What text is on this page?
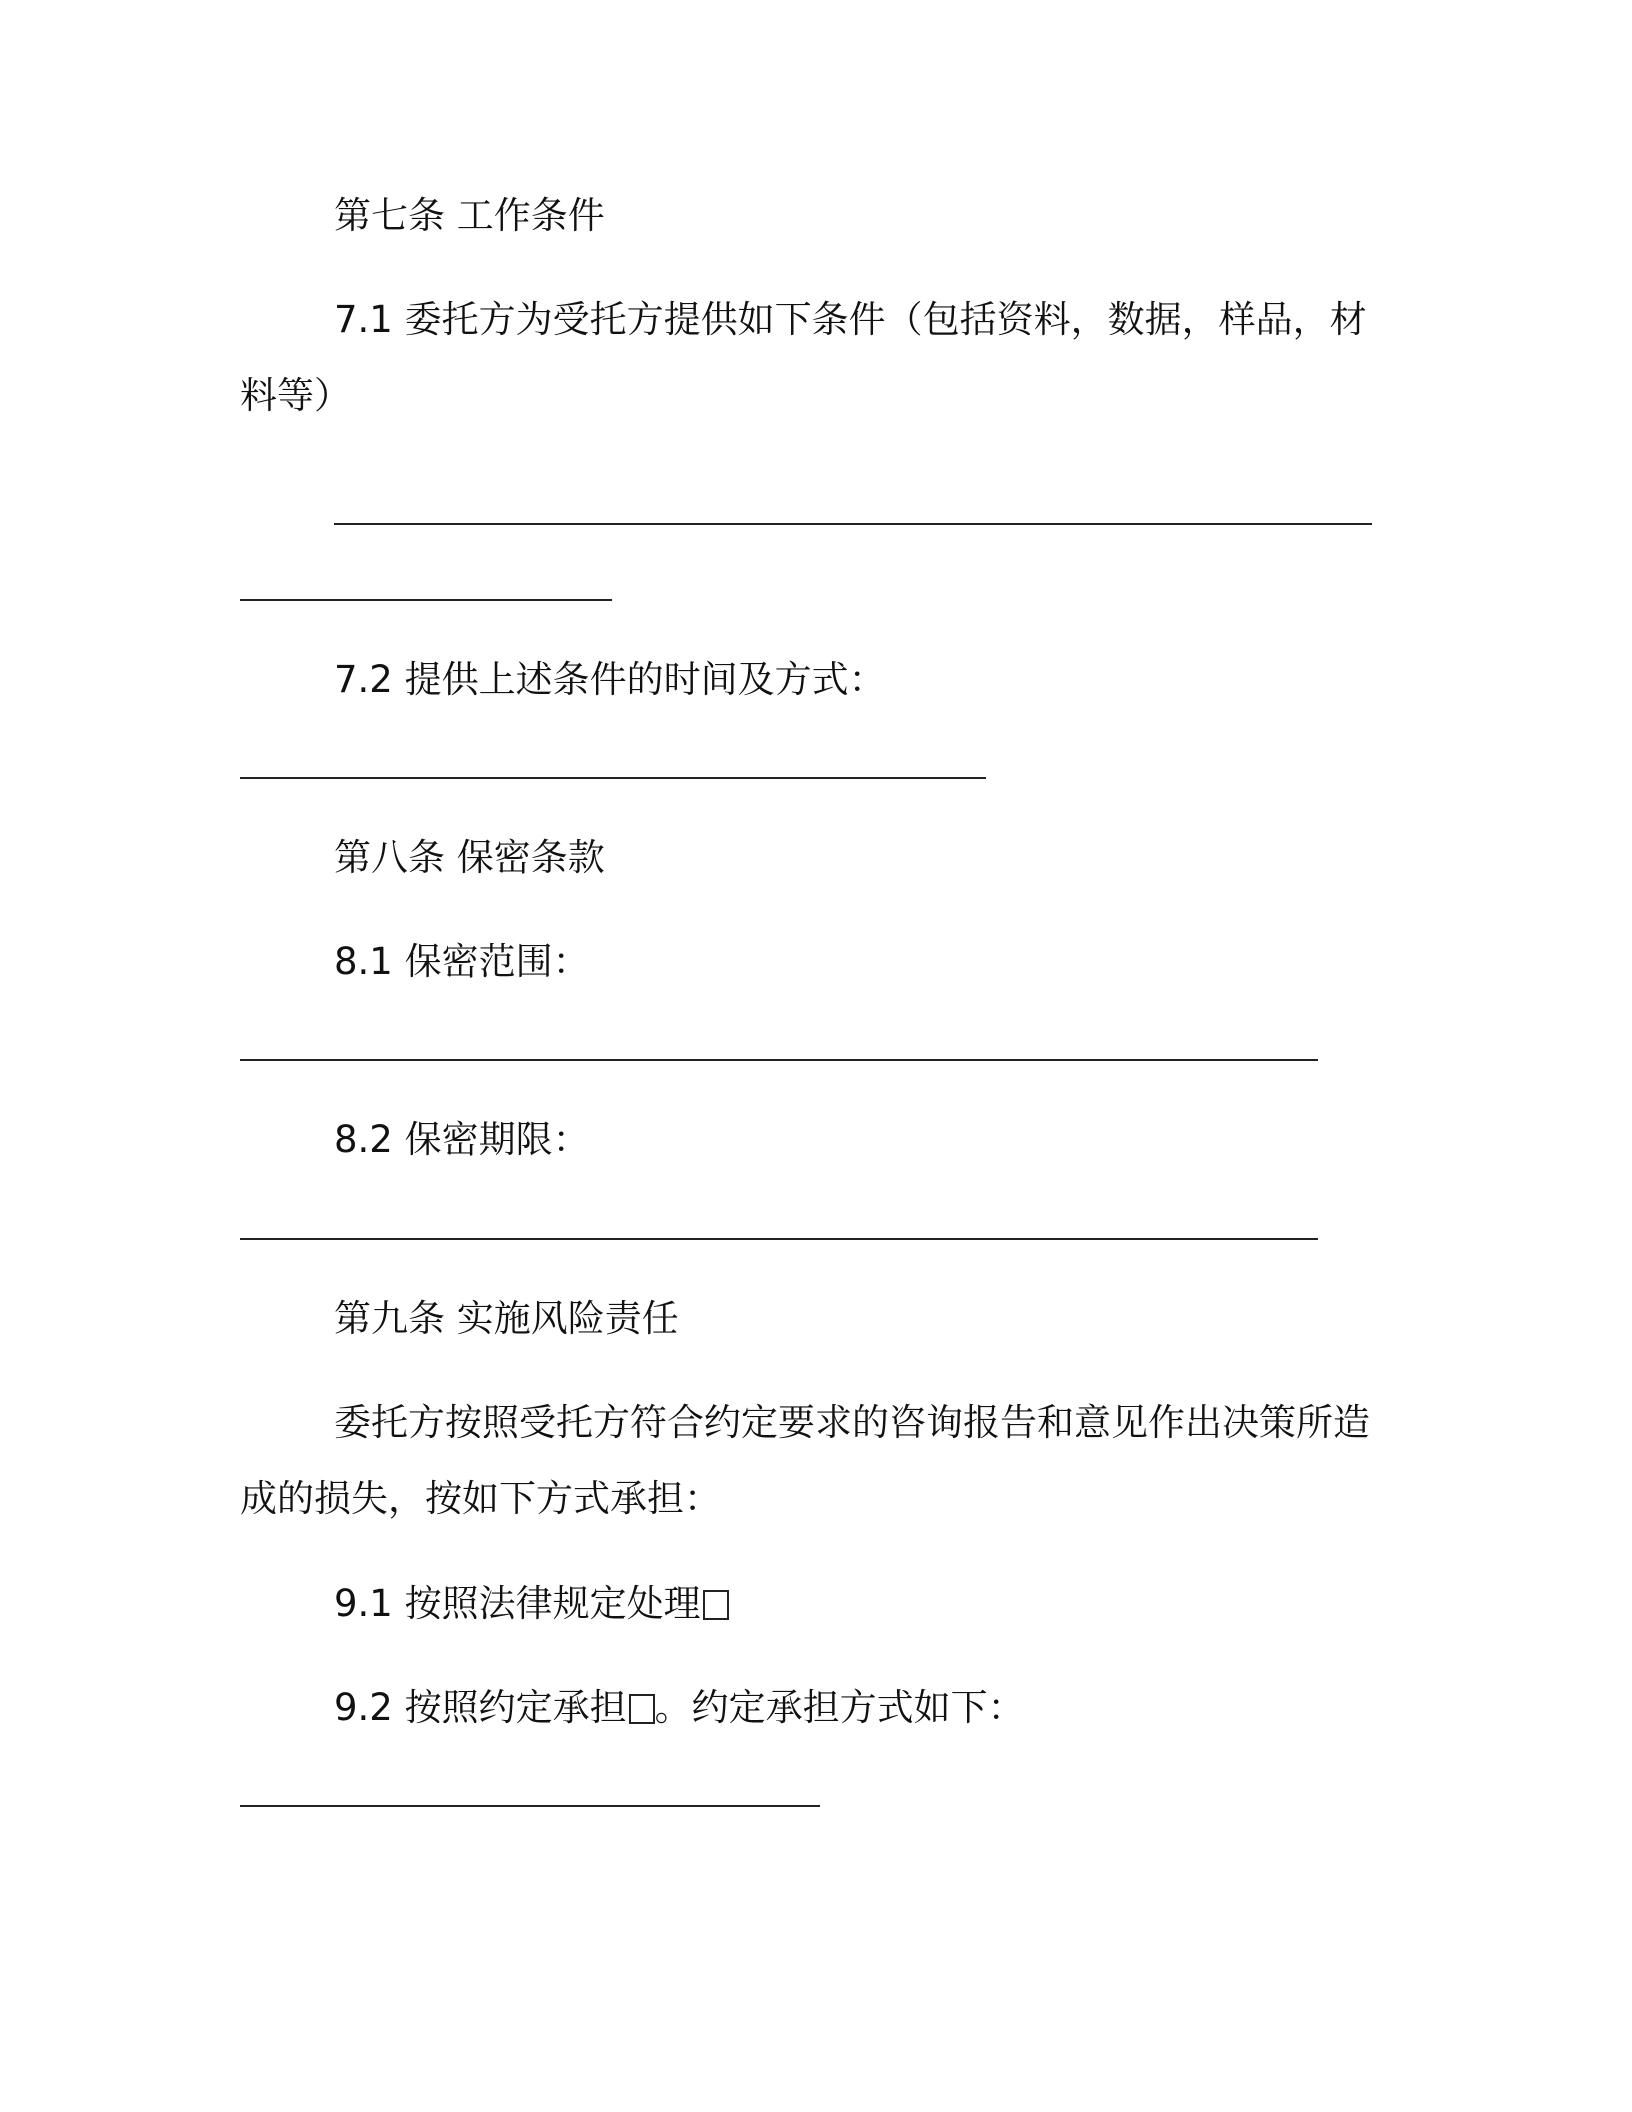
第七条 工作条件
7.1 委托方为受托方提供如下条件（包括资料，数据，样品，材
料等）
7.2 提供上述条件的时间及方式：
第八条 保密条款
8.1 保密范围：
8.2 保密期限：
第九条 实施风险责任
委托方按照受托方符合约定要求的咨询报告和意见作出决策所造
成的损失，按如下方式承担：
9.1 按照法律规定处理
9.2 按照约定承担 。约定承担方式如下：
